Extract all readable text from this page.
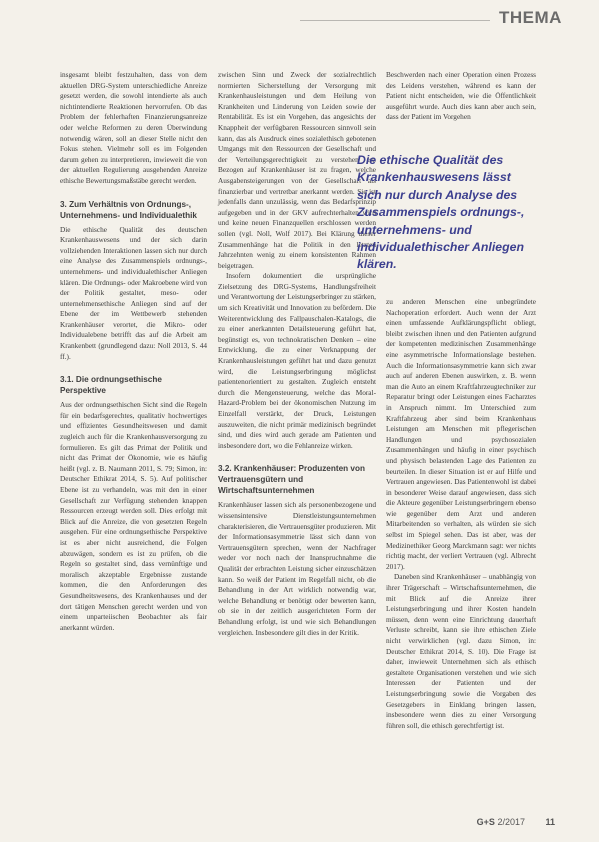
THEMA

insgesamt bleibt festzuhalten, dass von dem aktuellen DRG-System unterschiedliche Anreize gesetzt werden, die sowohl intendierte als auch nichtintendierte Reaktionen hervorrufen. Ob das Problem der fehlerhaften Finanzierungsanreize oder welche Reformen zu deren Überwindung notwendig wären, soll an dieser Stelle nicht den Fokus stehen. Vielmehr soll es im Folgenden darum gehen zu interpretieren, inwieweit die von der aktuellen Regulierung ausgehenden Anreize ethische Bewertungsmaßstäbe gerecht werden.

3. Zum Verhältnis von Ordnungs-, Unternehmens- und Individualethik

Die ethische Qualität des deutschen Krankenhauswesens und der sich darin vollziehenden Interaktionen lassen sich nur durch eine Analyse des Zusammenspiels ordnungs-, unternehmens- und individualethischer Anliegen klären. Die Ordnungs- oder Makroebene wird von der Politik gestaltet, meso- oder unternehmensethische Anliegen sind auf der Ebene der im Wettbewerb stehenden Krankenhäuser verortet, die Mikro- oder Individualebene betrifft das auf die Arbeit am Krankenbett (grundlegend dazu: Noll 2013, S. 44 ff.).

3.1. Die ordnungsethische Perspektive

Aus der ordnungsethischen Sicht sind die Regeln für ein bedarfsgerechtes, qualitativ hochwertiges und effizientes Gesundheitswesen und damit zugleich auch für die Krankenhausversorgung zu formulieren. Es gilt das Primat der Politik und nicht das Primat der Ökonomie, wie es häufig heißt (vgl. z. B. Naumann 2011, S. 79; Simon, in: Deutscher Ethikrat 2014, S. 5). Auf politischer Ebene ist zu verhandeln, was mit den in einer Gesellschaft zur Verfügung stehenden knappen Ressourcen erzeugt werden soll. Dies erfolgt mit Blick auf die Anreize, die von gesetzten Regeln ausgehen. Für eine ordnungsethische Perspektive ist es aber nicht ausreichend, die Folgen abzuwägen, sondern es ist zu prüfen, ob die Regeln so gestaltet sind, dass vernünftige und moralisch akzeptable Ergebnisse zustande kommen, die den Anforderungen des Gesundheitswesens, des Krankenhauses und der dort tätigen Menschen gerecht werden und von einem unparteiischen Beobachter als fair anerkannt würden.

zwischen Sinn und Zweck der sozialrechtlich normierten Sicherstellung der Versorgung mit Krankenhausleistungen und dem Heilung von Krankheiten und Linderung von Leiden sowie der Rentabilität. Es ist ein Vorgehen, das angesichts der Knappheit der verfügbaren Ressourcen sinnvoll sein kann, das als Ausdruck eines sozialethisch gebotenen Umgangs mit den Ressourcen der Gesellschaft und der Verteilungsgerechtigkeit zu verstehen ist. Bezogen auf Krankenhäuser ist zu fragen, welche Ausgabensteigerungen von der Gesellschaft als finanzierbar und vertretbar anerkannt werden. Sie ist jedenfalls dann unzulässig, wenn das Bedarfsprinzip aufgegeben und in der GKV aufrechterhalten wird und keine neuen Finanzquellen erschlossen werden sollen (vgl. Noll, Wolf 2017). Bei Klärung dieser Zusammenhänge hat die Politik in den letzten Jahrzehnten wenig zu einem konsistenten Rahmen beigetragen.

Insofern dokumentiert die ursprüngliche Zielsetzung des DRG-Systems, Handlungsfreiheit und Verantwortung der Leistungserbringer zu stärken, um sich Kreativität und Innovation zu befördern. Die Weiterentwicklung des Fallpauschalen-Katalogs, die zu einer anerkannten Detailsteuerung geführt hat, begünstigt es, von technokratischen Denken – eine Entwicklung, die zu einer Verknappung der Krankenhausleistungen geführt hat und dazu genutzt wird, die Leistungserbringung möglichst patientenorientiert zu gestalten. Zugleich entsteht durch die Mengensteuerung, welche das Moral-Hazard-Problem bei der ökonomischen Nutzung im Einzelfall verstärkt, der Druck, Leistungen auszuweiten, die nicht primär medizinisch begründet sind, und dies wird auch gerade am Patienten und insbesondere dort, wo die Fehlanreize wirken.

3.2. Krankenhäuser: Produzenten von Vertrauensgütern und Wirtschaftsunternehmen

Krankenhäuser lassen sich als personenbezogene und wissensintensive Dienstleistungsunternehmen charakterisieren, die Vertrauensgüter produzieren. Mit der Informationsasymmetrie lässt sich dann von Vertrauensgütern sprechen, wenn der Nachfrager weder vor noch nach der Inanspruchnahme die Qualität der erbrachten Leistung sicher einzuschätzen kann. So weiß der Patient im Regelfall nicht, ob die Behandlung in der Art wirklich notwendig war, welche Behandlung er benötigt oder bewerten kann, ob sie in der zeitlich ausgerichteten Form der Behandlung erfolgt, ist und wie sich Behandlungen vergleichen. Insbesondere gilt dies in der Kritik.

Beschwerden nach einer Operation einen Prozess des Leidens verstehen, während es kann der Patient nicht entscheiden, wie die Öffentlichkeit ausgeführt wurde. Auch dies kann aber auch sein, dass der Patient im Vorgehen

Die ethische Qualität des Krankenhauswesens lässt sich nur durch Analyse des Zusammenspiels ordnungs-, unternehmens- und individualethischer Anliegen klären.

zu anderen Menschen eine unbegründete Nachoperation erfordert. Auch wenn der Arzt einen umfassende Aufklärungspflicht obliegt, bleibt zwischen ihnen und den Patienten aufgrund der kompetenten medizinischen Zusammenhänge eine asymmetrische Informationslage bestehen. Auch die Informationsasymmetrie kann sich zwar auch auf anderen Ebenen auswirken, z. B. wenn man die Auto an einem Kraftfahrzeugtechniker zur Reparatur bringt oder Leistungen eines Facharztes in Anspruch nimmt. Im Unterschied zum Kraftfahrzeug aber sind beim Krankenhaus Leistungen am Menschen mit pflegerischen Handlungen und psychosozialen Zusammenhängen und häufig in einer psychisch und physisch belastenden Lage des Patienten zu beurteilen. In dieser Situation ist er auf Hilfe und Vertrauen angewiesen. Das Patientenwohl ist dabei in besonderer Weise darauf angewiesen, dass sich die Akteure gegenüber Leistungserbringern ebenso wie gegenüber dem Arzt und anderen Mitarbeitenden so verhalten, als würden sie sich selbst im Spiegel sehen. Das ist aber, was der Medizinethiker Georg Marckmann sagt: wer nichts richtig macht, der verliert Vertrauen (vgl. Albrecht 2017).

Daneben sind Krankenhäuser – unabhängig von ihrer Trägerschaft – Wirtschaftsunternehmen, die mit Blick auf die Anreize ihrer Leistungserbringung und ihrer Kosten handeln müssen, denn wenn eine Einrichtung dauerhaft Verluste schreibt, kann sie ihre ethischen Ziele nicht verwirklichen (vgl. dazu Simon, in: Deutscher Ethikrat 2014, S. 10). Die Frage ist daher, inwieweit Unternehmen sich als ethisch gestaltete Organisationen verstehen und wie sich Interessen der Patienten und der Leistungserbringung sowie die Vorgaben des Gesetzgebers in Einklang bringen lassen, insbesondere wenn dies zu einer Versorgung führen soll, die ethisch gerechtfertigt ist.

G+S 2/2017 11
